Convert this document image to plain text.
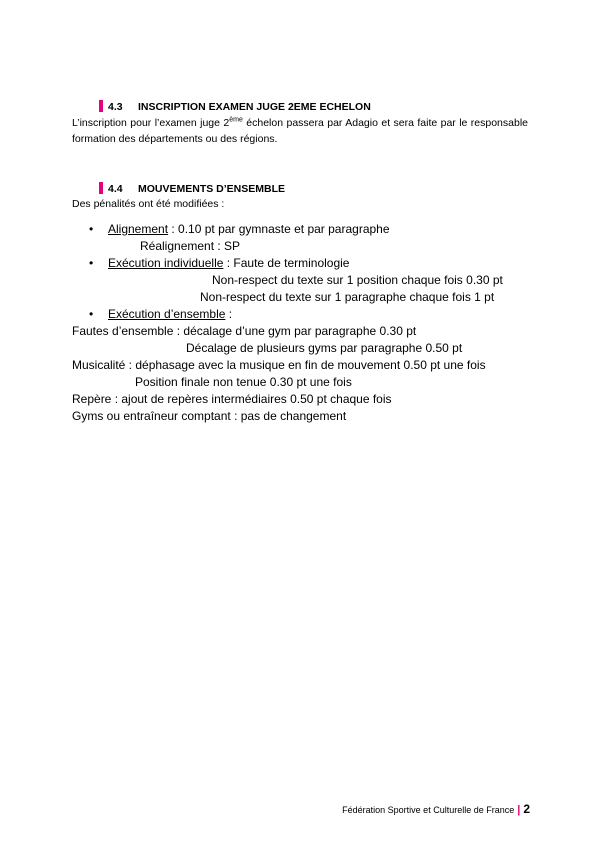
4.3 INSCRIPTION EXAMEN JUGE 2EME ECHELON
L’inscription pour l’examen juge 2ème échelon passera par Adagio et sera faite par le responsable formation des départements ou des régions.
4.4 MOUVEMENTS D’ENSEMBLE
Des pénalités ont été modifiées :
• Alignement : 0.10 pt par gymnaste et par paragraphe
Réalignement : SP
• Exécution individuelle : Faute de terminologie
Non-respect du texte sur 1 position chaque fois 0.30 pt
Non-respect du texte sur 1 paragraphe chaque fois 1 pt
• Exécution d’ensemble :
Fautes d’ensemble : décalage d’une gym par paragraphe 0.30 pt
Décalage de plusieurs gyms par paragraphe 0.50 pt
Musicalité : déphasage avec la musique en fin de mouvement 0.50 pt une fois
Position finale non tenue 0.30 pt une fois
Repère : ajout de repères intermédiaires 0.50 pt chaque fois
Gyms ou entraîneur comptant : pas de changement
Fédération Sportive et Culturelle de France | 2
